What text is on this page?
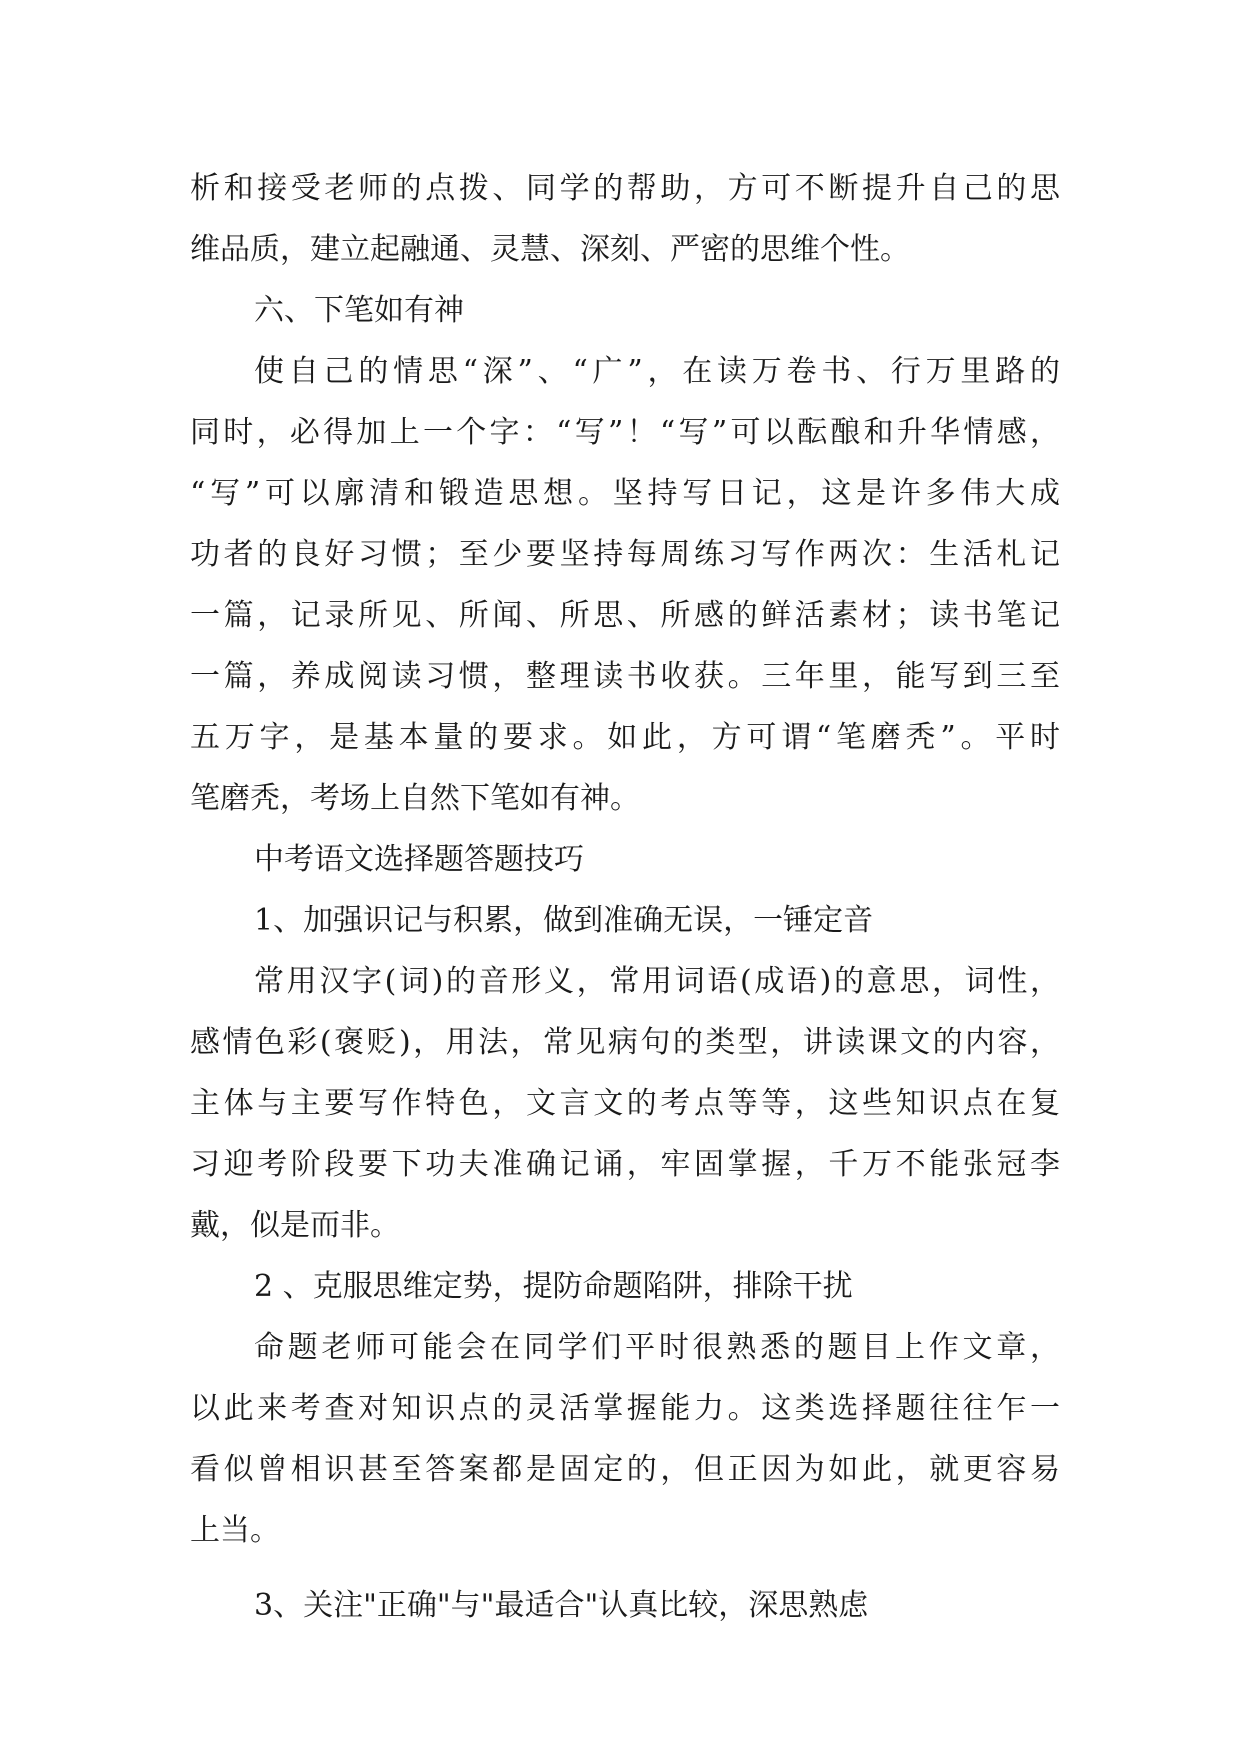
析和接受老师的点拨、同学的帮助，方可不断提升自己的思
维品质，建立起融通、灵慧、深刻、严密的思维个性。
六、下笔如有神
使自己的情思“深”、“广”，在读万卷书、行万里路的
同时，必得加上一个字：“写”！“写”可以酝酿和升华情感，
“写”可以廓清和锻造思想。坚持写日记，这是许多伟大成
功者的良好习惯；至少要坚持每周练习写作两次：生活札记
一篇，记录所见、所闻、所思、所感的鲜活素材；读书笔记
一篇，养成阅读习惯，整理读书收获。三年里，能写到三至
五万字，是基本量的要求。如此，方可谓“笔磨秃”。平时
笔磨秃，考场上自然下笔如有神。
中考语文选择题答题技巧
1、加强识记与积累，做到准确无误，一锤定音
常用汉字(词)的音形义，常用词语(成语)的意思，词性，
感情色彩(褒贬)，用法，常见病句的类型，讲读课文的内容，
主体与主要写作特色，文言文的考点等等，这些知识点在复
习迎考阶段要下功夫准确记诵，牢固掌握，千万不能张冠李
戴，似是而非。
2 、克服思维定势，提防命题陷阱，排除干扰
命题老师可能会在同学们平时很熟悉的题目上作文章，
以此来考查对知识点的灵活掌握能力。这类选择题往往乍一
看似曾相识甚至答案都是固定的，但正因为如此，就更容易
上当。
3、关注"正确"与"最适合"认真比较，深思熟虑
